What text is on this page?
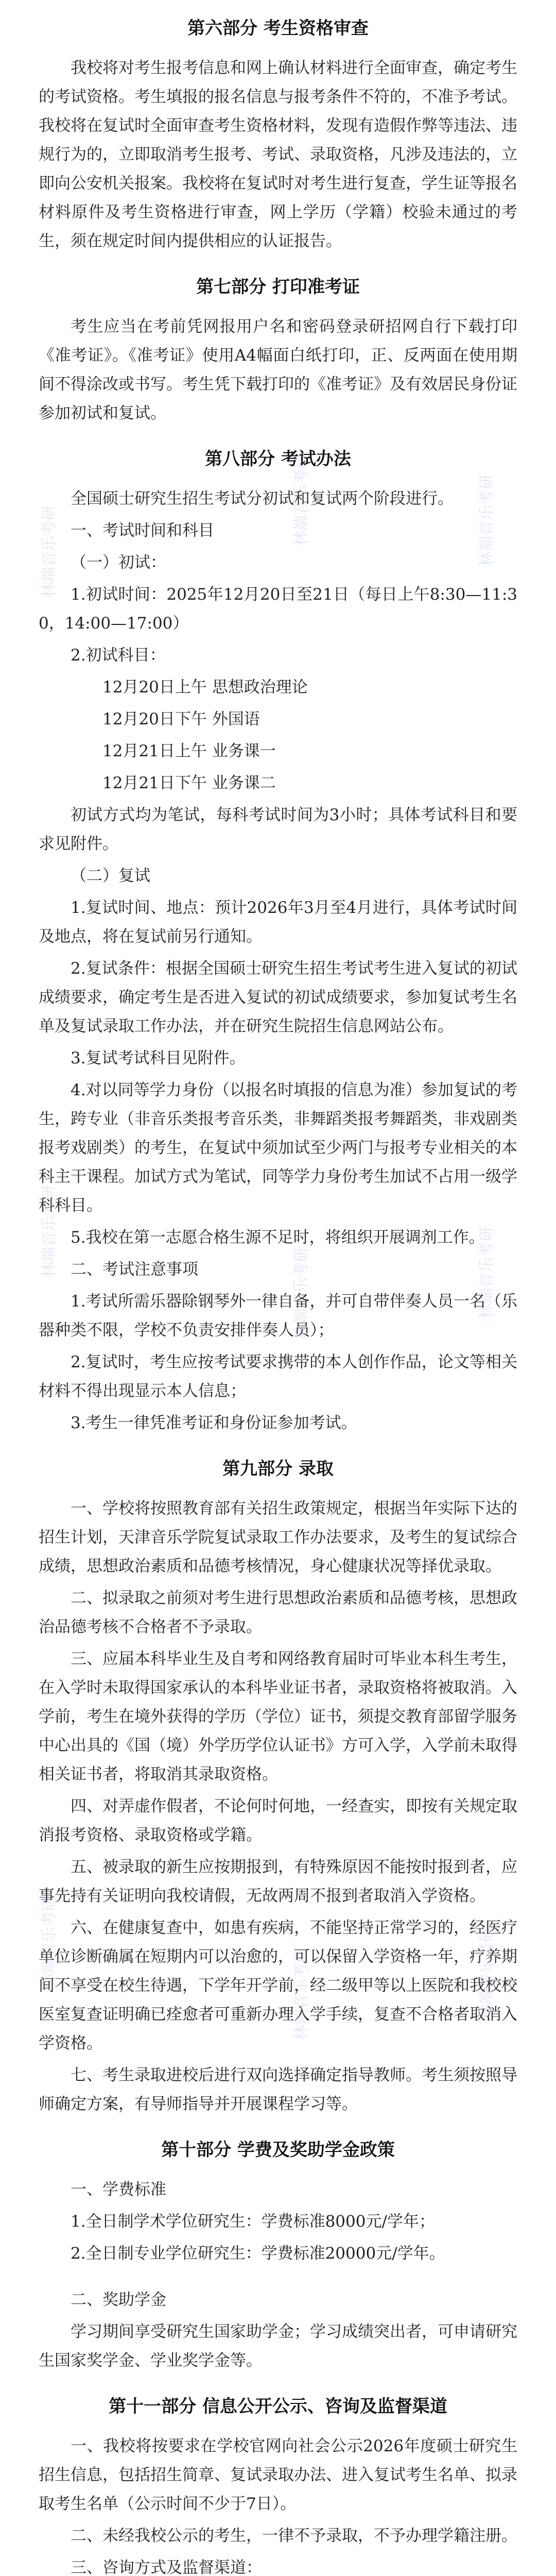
第六部分 考生资格审查

我校将对考生报考信息和网上确认材料进行全面审查，确定考生的考试资格。考生填报的报名信息与报考条件不符的，不准予考试。我校将在复试时全面审查考生资格材料，发现有造假作弊等违法、违规行为的，立即取消考生报考、考试、录取资格，凡涉及违法的，立即向公安机关报案。我校将在复试时对考生进行复查，学生证等报名材料原件及考生资格进行审查，网上学历（学籍）校验未通过的考生，须在规定时间内提供相应的认证报告。

第七部分 打印准考证

考生应当在考前凭网报用户名和密码登录研招网自行下载打印《准考证》。《准考证》使用A4幅面白纸打印，正、反两面在使用期间不得涂改或书写。考生凭下载打印的《准考证》及有效居民身份证参加初试和复试。

第八部分 考试办法

全国硕士研究生招生考试分初试和复试两个阶段进行。

一、考试时间和科目

（一）初试：

1.初试时间：2025年12月20日至21日（每日上午8:30—11:30，14:00—17:00）

2.初试科目：

12月20日上午 思想政治理论

12月20日下午 外国语

12月21日上午 业务课一

12月21日下午 业务课二

初试方式均为笔试，每科考试时间为3小时；具体考试科目和要求见附件。

（二）复试

1.复试时间、地点：预计2026年3月至4月进行，具体考试时间及地点，将在复试前另行通知。

2.复试条件：根据全国硕士研究生招生考试考生进入复试的初试成绩要求，确定考生是否进入复试的初试成绩要求，参加复试考生名单及复试录取工作办法，并在研究生院招生信息网站公布。

3.复试考试科目见附件。

4.对以同等学力身份（以报名时填报的信息为准）参加复试的考生，跨专业（非音乐类报考音乐类，非舞蹈类报考舞蹈类，非戏剧类报考戏剧类）的考生，在复试中须加试至少两门与报考专业相关的本科主干课程。加试方式为笔试，同等学力身份考生加试不占用一级学科科目。

5.我校在第一志愿合格生源不足时，将组织开展调剂工作。

二、考试注意事项

1.考试所需乐器除钢琴外一律自备，并可自带伴奏人员一名（乐器种类不限，学校不负责安排伴奏人员）；

2.复试时，考生应按考试要求携带的本人创作作品，论文等相关材料不得出现显示本人信息；

3.考生一律凭准考证和身份证参加考试。

第九部分 录取

一、学校将按照教育部有关招生政策规定，根据当年实际下达的招生计划，天津音乐学院复试录取工作办法要求，及考生的复试综合成绩，思想政治素质和品德考核情况，身心健康状况等择优录取。

二、拟录取之前须对考生进行思想政治素质和品德考核，思想政治品德考核不合格者不予录取。

三、应届本科毕业生及自考和网络教育届时可毕业本科生考生，在入学时未取得国家承认的本科毕业证书者，录取资格将被取消。入学前，考生在境外获得的学历（学位）证书，须提交教育部留学服务中心出具的《国（境）外学历学位认证书》方可入学，入学前未取得相关证书者，将取消其录取资格。

四、对弄虚作假者，不论何时何地，一经查实，即按有关规定取消报考资格、录取资格或学籍。

五、被录取的新生应按期报到，有特殊原因不能按时报到者，应事先持有关证明向我校请假，无故两周不报到者取消入学资格。

六、在健康复查中，如患有疾病，不能坚持正常学习的，经医疗单位诊断确属在短期内可以治愈的，可以保留入学资格一年，疗养期间不享受在校生待遇，下学年开学前，经二级甲等以上医院和我校校医室复查证明确已痊愈者可重新办理入学手续，复查不合格者取消入学资格。

七、考生录取进校后进行双向选择确定指导教师。考生须按照导师确定方案，有导师指导并开展课程学习等。

第十部分 学费及奖助学金政策

一、学费标准

1.全日制学术学位研究生：学费标准8000元/学年；

2.全日制专业学位研究生：学费标准20000元/学年。

二、奖助学金

学习期间享受研究生国家助学金；学习成绩突出者，可申请研究生国家奖学金、学业奖学金等。

第十一部分 信息公开公示、咨询及监督渠道

一、我校将按要求在学校官网向社会公示2026年度硕士研究生招生信息，包括招生简章、复试录取办法、进入复试考生名单、拟录取考生名单（公示时间不少于7日）。

二、未经我校公示的考生，一律不予录取，不予办理学籍注册。

三、咨询方式及监督渠道：

林端音乐考研
林端音乐考研	林端音乐考研
林端音乐考研
林端音乐考研	林端音乐考研
林端音乐考研
林端音乐考研	林端音乐考研
